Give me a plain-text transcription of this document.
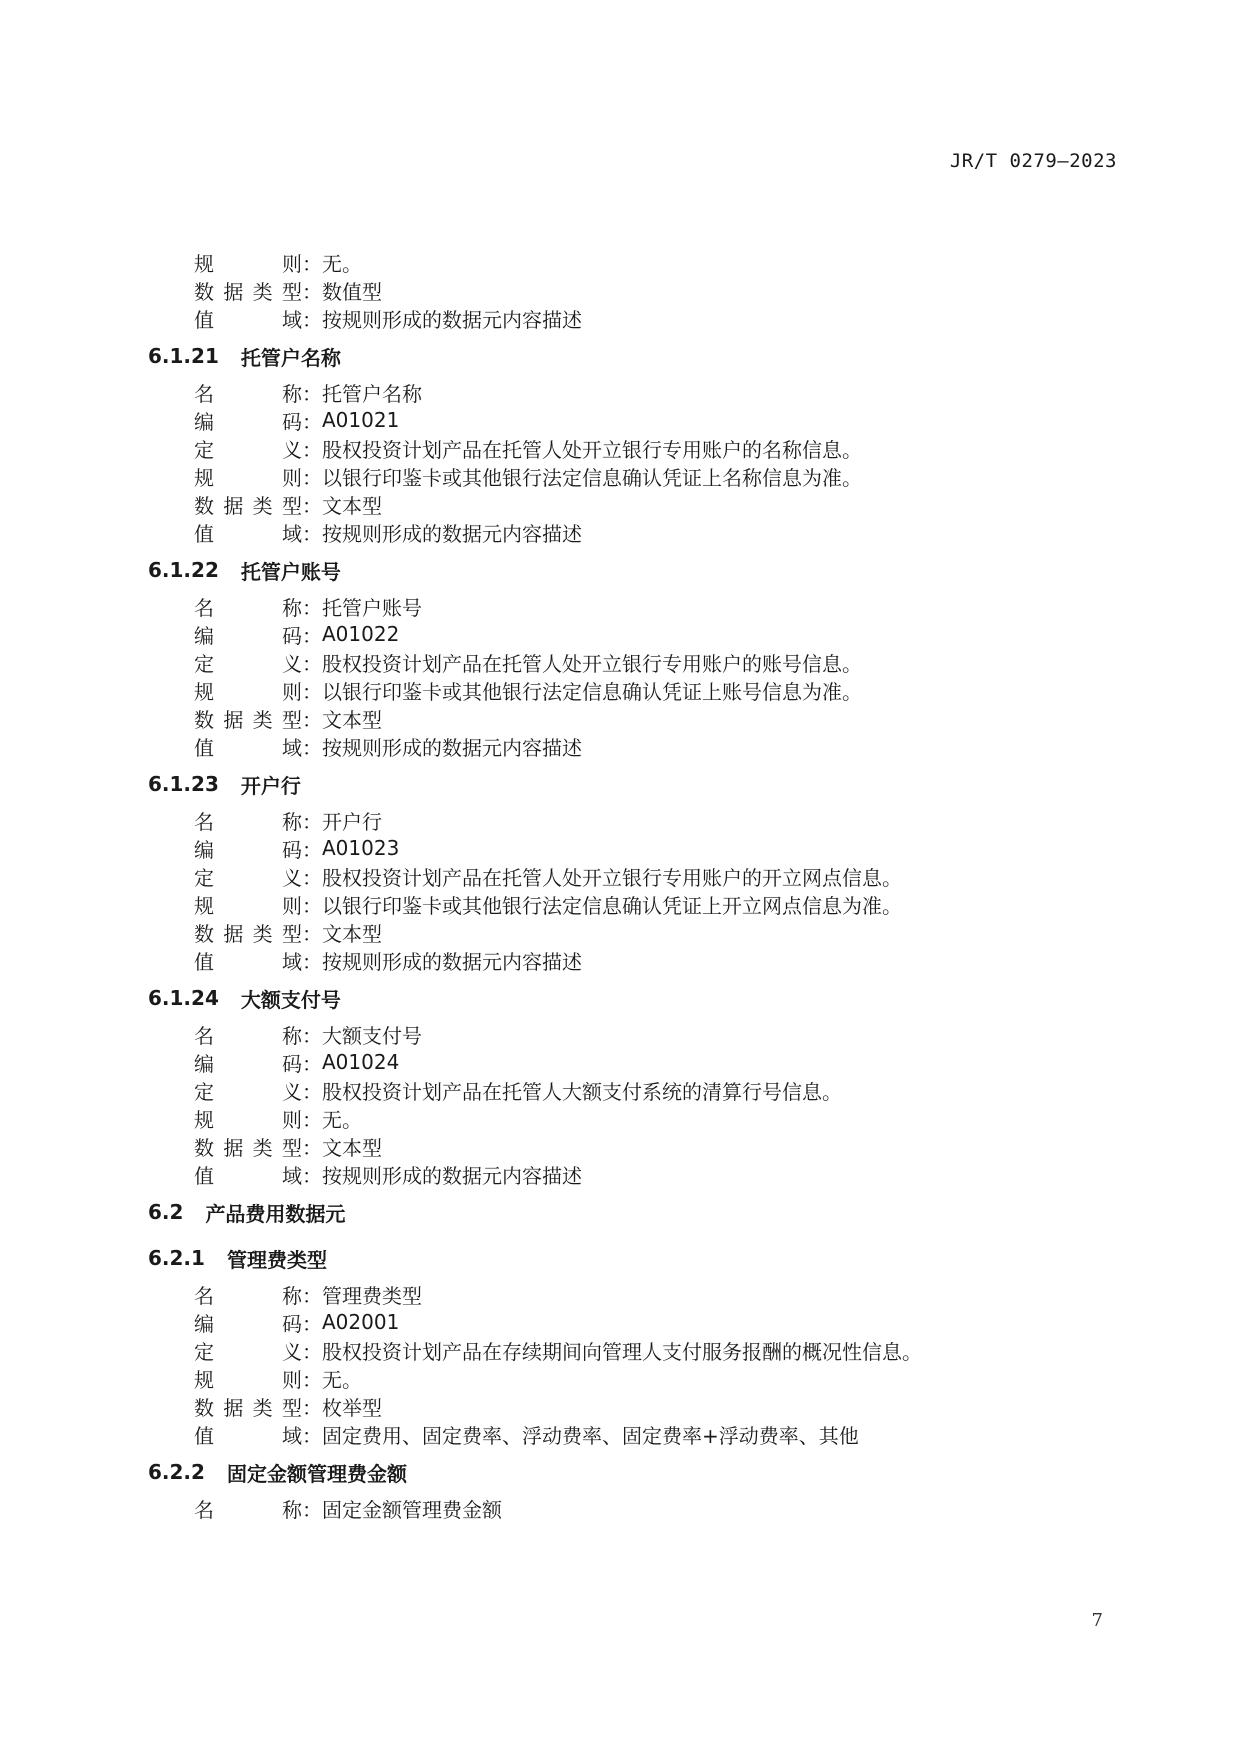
JR/T 0279—2023
规　　则 ： 无。
数据类型 ： 数值型
值　　域 ： 按规则形成的数据元内容描述
6.1.21 托管户名称
名　　称 ： 托管户名称
编　　码 ： A01021
定　　义 ： 股权投资计划产品在托管人处开立银行专用账户的名称信息。
规　　则 ： 以银行印鉴卡或其他银行法定信息确认凭证上名称信息为准。
数据类型 ： 文本型
值　　域 ： 按规则形成的数据元内容描述
6.1.22 托管户账号
名　　称 ： 托管户账号
编　　码 ： A01022
定　　义 ： 股权投资计划产品在托管人处开立银行专用账户的账号信息。
规　　则 ： 以银行印鉴卡或其他银行法定信息确认凭证上账号信息为准。
数据类型 ： 文本型
值　　域 ： 按规则形成的数据元内容描述
6.1.23 开户行
名　　称 ： 开户行
编　　码 ： A01023
定　　义 ： 股权投资计划产品在托管人处开立银行专用账户的开立网点信息。
规　　则 ： 以银行印鉴卡或其他银行法定信息确认凭证上开立网点信息为准。
数据类型 ： 文本型
值　　域 ： 按规则形成的数据元内容描述
6.1.24 大额支付号
名　　称 ： 大额支付号
编　　码 ： A01024
定　　义 ： 股权投资计划产品在托管人大额支付系统的清算行号信息。
规　　则 ： 无。
数据类型 ： 文本型
值　　域 ： 按规则形成的数据元内容描述
6.2 产品费用数据元
6.2.1 管理费类型
名　　称 ： 管理费类型
编　　码 ： A02001
定　　义 ： 股权投资计划产品在存续期间向管理人支付服务报酬的概况性信息。
规　　则 ： 无。
数据类型 ： 枚举型
值　　域 ： 固定费用、固定费率、浮动费率、固定费率+浮动费率、其他
6.2.2 固定金额管理费金额
名　　称 ： 固定金额管理费金额
7
